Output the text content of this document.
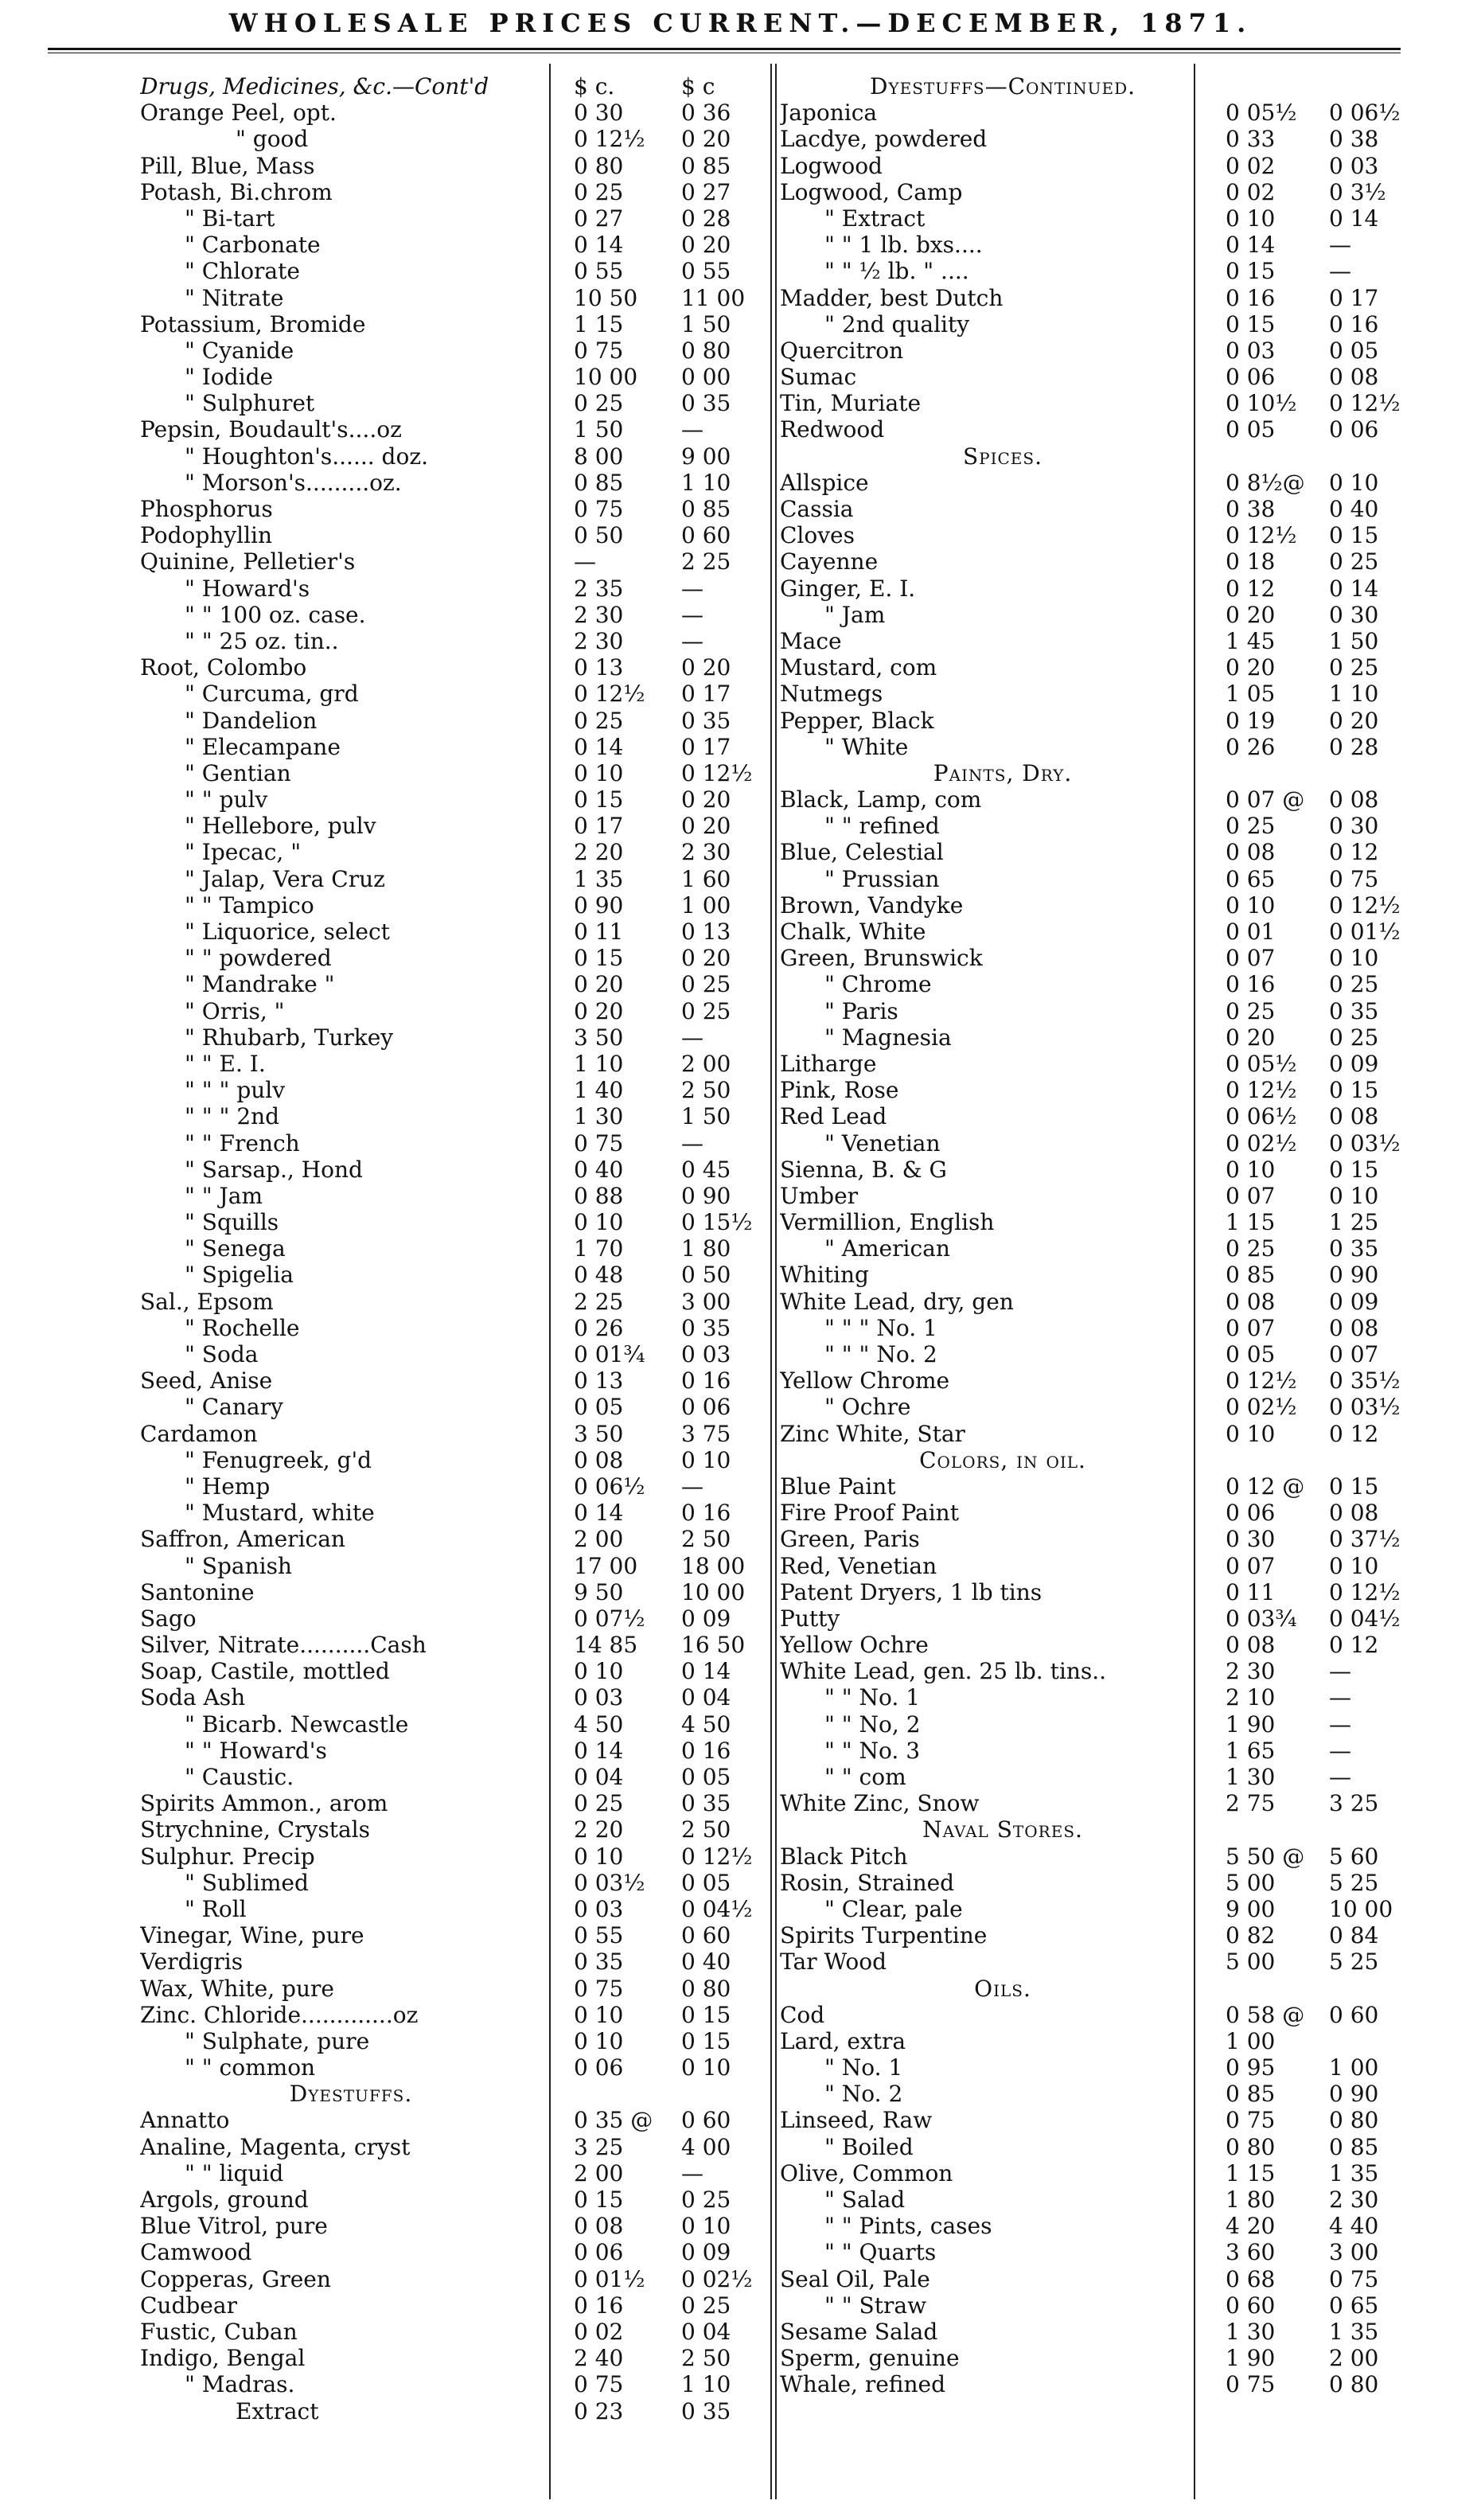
WHOLESALE PRICES CURRENT.—DECEMBER, 1871.
Drugs, Medicines, &c.—Cont'd	$ c.	$ c
Orange Peel, opt.	0 30	0 36
" good	0 12½	0 20
Pill, Blue, Mass	0 80	0 85
Potash, Bi.chrom	0 25	0 27
" Bi-tart	0 27	0 28
" Carbonate	0 14	0 20
" Chlorate	0 55	0 55
" Nitrate	10 50	11 00
Potassium, Bromide	1 15	1 50
" Cyanide	0 75	0 80
" Iodide	10 00	0 00
" Sulphuret	0 25	0 35
Pepsin, Boudault's....oz	1 50	—
" Houghton's...... doz.	8 00	9 00
" Morson's.........oz.	0 85	1 10
Phosphorus	0 75	0 85
Podophyllin	0 50	0 60
Quinine, Pelletier's	—	2 25
" Howard's	2 35	—
" " 100 oz. case.	2 30	—
" " 25 oz. tin..	2 30	—
Root, Colombo	0 13	0 20
" Curcuma, grd	0 12½	0 17
" Dandelion	0 25	0 35
" Elecampane	0 14	0 17
" Gentian	0 10	0 12½
" " pulv	0 15	0 20
" Hellebore, pulv	0 17	0 20
" Ipecac, "	2 20	2 30
" Jalap, Vera Cruz	1 35	1 60
" " Tampico	0 90	1 00
" Liquorice, select	0 11	0 13
" " powdered	0 15	0 20
" Mandrake "	0 20	0 25
" Orris, "	0 20	0 25
" Rhubarb, Turkey	3 50	—
" " E. I.	1 10	2 00
" " " pulv	1 40	2 50
" " " 2nd	1 30	1 50
" " French	0 75	—
" Sarsap., Hond	0 40	0 45
" " Jam	0 88	0 90
" Squills	0 10	0 15½
" Senega	1 70	1 80
" Spigelia	0 48	0 50
Sal., Epsom	2 25	3 00
" Rochelle	0 26	0 35
" Soda	0 01¾	0 03
Seed, Anise	0 13	0 16
" Canary	0 05	0 06
Cardamon	3 50	3 75
" Fenugreek, g'd	0 08	0 10
" Hemp	0 06½	—
" Mustard, white	0 14	0 16
Saffron, American	2 00	2 50
" Spanish	17 00	18 00
Santonine	9 50	10 00
Sago	0 07½	0 09
Silver, Nitrate..........Cash	14 85	16 50
Soap, Castile, mottled	0 10	0 14
Soda Ash	0 03	0 04
" Bicarb. Newcastle	4 50	4 50
" " Howard's	0 14	0 16
" Caustic.	0 04	0 05
Spirits Ammon., arom	0 25	0 35
Strychnine, Crystals	2 20	2 50
Sulphur. Precip	0 10	0 12½
" Sublimed	0 03½	0 05
" Roll	0 03	0 04½
Vinegar, Wine, pure	0 55	0 60
Verdigris	0 35	0 40
Wax, White, pure	0 75	0 80
Zinc. Chloride.............oz	0 10	0 15
" Sulphate, pure	0 10	0 15
" " common	0 06	0 10
Dyestuffs.
Annatto	0 35 @	0 60
Analine, Magenta, cryst	3 25	4 00
" " liquid	2 00	—
Argols, ground	0 15	0 25
Blue Vitrol, pure	0 08	0 10
Camwood	0 06	0 09
Copperas, Green	0 01½	0 02½
Cudbear	0 16	0 25
Fustic, Cuban	0 02	0 04
Indigo, Bengal	2 40	2 50
" Madras.	0 75	1 10
Extract	0 23	0 35
Dyestuffs—Continued.
Japonica	0 05½	0 06½
Lacdye, powdered	0 33	0 38
Logwood	0 02	0 03
Logwood, Camp	0 02	0 3½
" Extract	0 10	0 14
" " 1 lb. bxs....	0 14	—
" " ½ lb. " ....	0 15	—
Madder, best Dutch	0 16	0 17
" 2nd quality	0 15	0 16
Quercitron	0 03	0 05
Sumac	0 06	0 08
Tin, Muriate	0 10½	0 12½
Redwood	0 05	0 06
Spices.
Allspice	0 8½@	0 10
Cassia	0 38	0 40
Cloves	0 12½	0 15
Cayenne	0 18	0 25
Ginger, E. I.	0 12	0 14
" Jam	0 20	0 30
Mace	1 45	1 50
Mustard, com	0 20	0 25
Nutmegs	1 05	1 10
Pepper, Black	0 19	0 20
" White	0 26	0 28
Paints, Dry.
Black, Lamp, com	0 07 @	0 08
" " refined	0 25	0 30
Blue, Celestial	0 08	0 12
" Prussian	0 65	0 75
Brown, Vandyke	0 10	0 12½
Chalk, White	0 01	0 01½
Green, Brunswick	0 07	0 10
" Chrome	0 16	0 25
" Paris	0 25	0 35
" Magnesia	0 20	0 25
Litharge	0 05½	0 09
Pink, Rose	0 12½	0 15
Red Lead	0 06½	0 08
" Venetian	0 02½	0 03½
Sienna, B. & G	0 10	0 15
Umber	0 07	0 10
Vermillion, English	1 15	1 25
" American	0 25	0 35
Whiting	0 85	0 90
White Lead, dry, gen	0 08	0 09
" " " No. 1	0 07	0 08
" " " No. 2	0 05	0 07
Yellow Chrome	0 12½	0 35½
" Ochre	0 02½	0 03½
Zinc White, Star	0 10	0 12
Colors, in oil.
Blue Paint	0 12 @	0 15
Fire Proof Paint	0 06	0 08
Green, Paris	0 30	0 37½
Red, Venetian	0 07	0 10
Patent Dryers, 1 lb tins	0 11	0 12½
Putty	0 03¾	0 04½
Yellow Ochre	0 08	0 12
White Lead, gen. 25 lb. tins..	2 30	—
" " No. 1	2 10	—
" " No, 2	1 90	—
" " No. 3	1 65	—
" " com	1 30	—
White Zinc, Snow	2 75	3 25
Naval Stores.
Black Pitch	5 50 @	5 60
Rosin, Strained	5 00	5 25
" Clear, pale	9 00	10 00
Spirits Turpentine	0 82	0 84
Tar Wood	5 00	5 25
Oils.
Cod	0 58 @	0 60
Lard, extra	1 00
" No. 1	0 95	1 00
" No. 2	0 85	0 90
Linseed, Raw	0 75	0 80
" Boiled	0 80	0 85
Olive, Common	1 15	1 35
" Salad	1 80	2 30
" " Pints, cases	4 20	4 40
" " Quarts	3 60	3 00
Seal Oil, Pale	0 68	0 75
" " Straw	0 60	0 65
Sesame Salad	1 30	1 35
Sperm, genuine	1 90	2 00
Whale, refined	0 75	0 80
